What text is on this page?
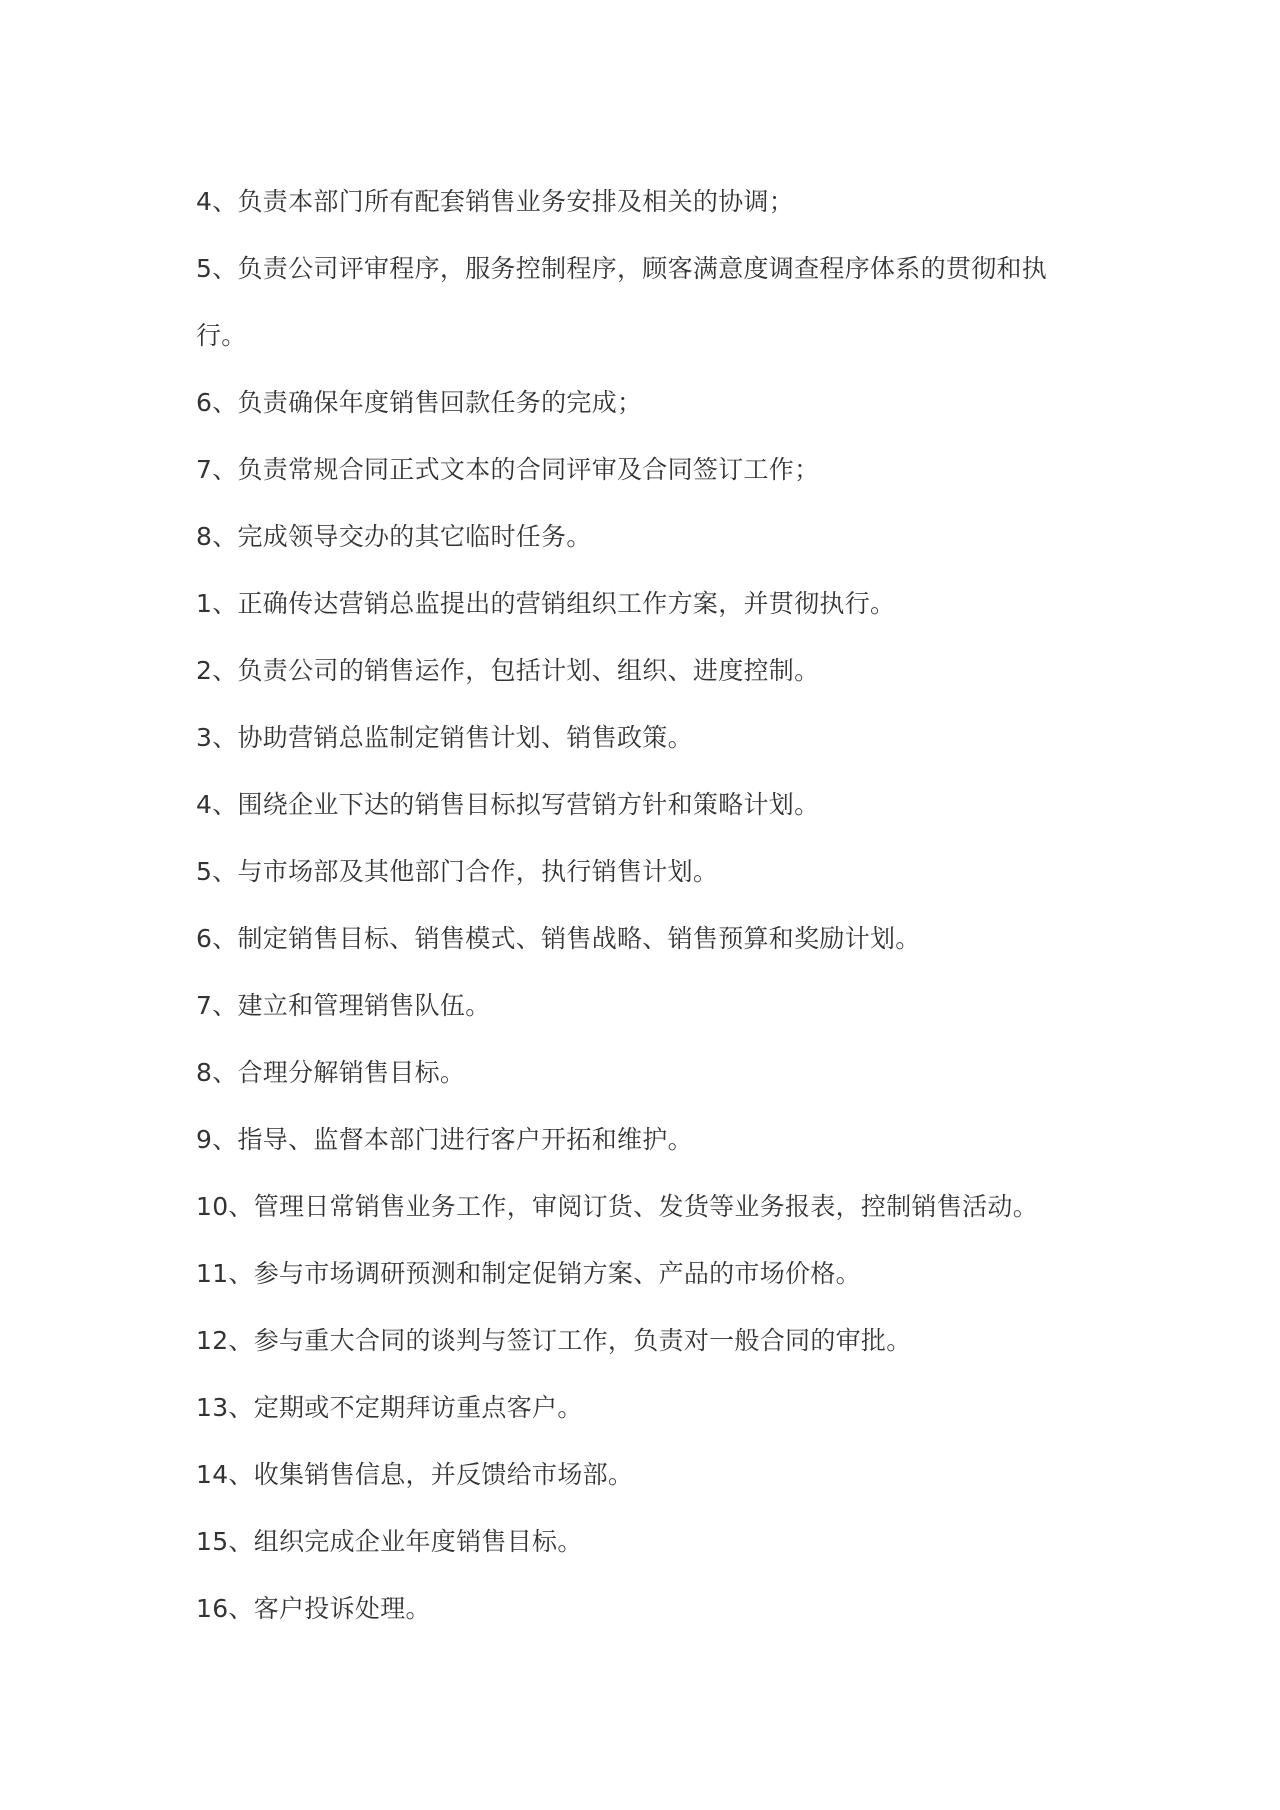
4、负责本部门所有配套销售业务安排及相关的协调；

5、负责公司评审程序，服务控制程序，顾客满意度调查程序体系的贯彻和执行。

6、负责确保年度销售回款任务的完成；

7、负责常规合同正式文本的合同评审及合同签订工作；

8、完成领导交办的其它临时任务。

1、正确传达营销总监提出的营销组织工作方案，并贯彻执行。

2、负责公司的销售运作，包括计划、组织、进度控制。

3、协助营销总监制定销售计划、销售政策。

4、围绕企业下达的销售目标拟写营销方针和策略计划。

5、与市场部及其他部门合作，执行销售计划。

6、制定销售目标、销售模式、销售战略、销售预算和奖励计划。

7、建立和管理销售队伍。

8、合理分解销售目标。

9、指导、监督本部门进行客户开拓和维护。

10、管理日常销售业务工作，审阅订货、发货等业务报表，控制销售活动。

11、参与市场调研预测和制定促销方案、产品的市场价格。

12、参与重大合同的谈判与签订工作，负责对一般合同的审批。

13、定期或不定期拜访重点客户。

14、收集销售信息，并反馈给市场部。

15、组织完成企业年度销售目标。

16、客户投诉处理。
